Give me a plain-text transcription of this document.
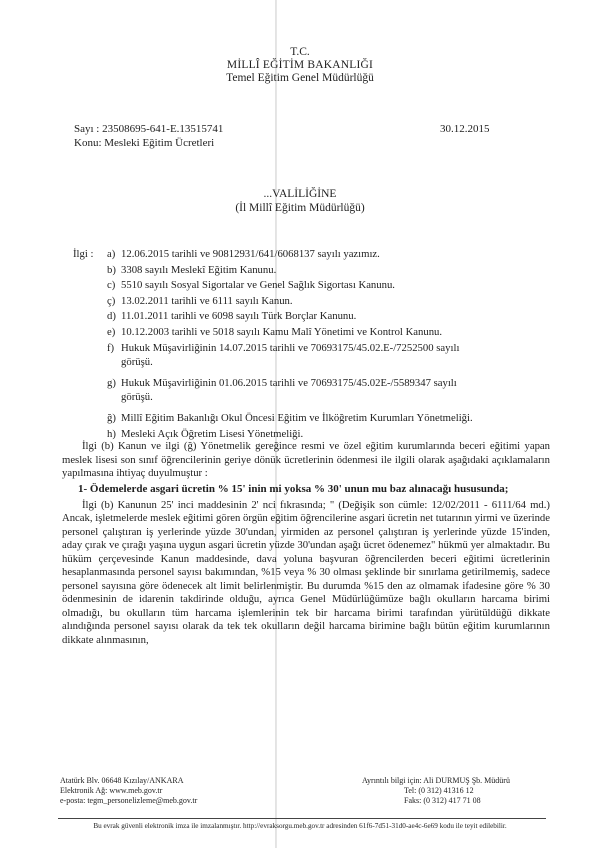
T.C.
MİLLÎ EĞİTİM BAKANLIĞI
Temel Eğitim Genel Müdürlüğü
Sayı : 23508695-641-E.13515741
Konu: Mesleki Eğitim Ücretleri
30.12.2015
...VALİLİĞİNE
(İl Millî Eğitim Müdürlüğü)
İlgi : a) 12.06.2015 tarihli ve 90812931/641/6068137 sayılı yazımız.
b) 3308 sayılı Meslekî Eğitim Kanunu.
c) 5510 sayılı Sosyal Sigortalar ve Genel Sağlık Sigortası Kanunu.
ç) 13.02.2011 tarihli ve 6111 sayılı Kanun.
d) 11.01.2011 tarihli ve 6098 sayılı Türk Borçlar Kanunu.
e) 10.12.2003 tarihli ve 5018 sayılı Kamu Malî Yönetimi ve Kontrol Kanunu.
f) Hukuk Müşavirliğinin 14.07.2015 tarihli ve 70693175/45.02.E-/7252500 sayılı
görüşü.
g) Hukuk Müşavirliğinin 01.06.2015 tarihli ve 70693175/45.02E-/5589347 sayılı
görüşü.
ğ) Millî Eğitim Bakanlığı Okul Öncesi Eğitim ve İlköğretim Kurumları Yönetmeliği.
h) Mesleki Açık Öğretim Lisesi Yönetmeliği.

İlgi (b) Kanun ve ilgi (ğ) Yönetmelik gereğince resmi ve özel eğitim kurumlarında beceri eğitimi yapan meslek lisesi son sınıf öğrencilerinin geriye dönük ücretlerinin ödenmesi ile ilgili olarak aşağıdaki açıklamaların yapılmasına ihtiyaç duyulmuştur :

1- Ödemelerde asgari ücretin % 15' inin mi yoksa % 30' unun mu baz alınacağı hususunda;

İlgi (b) Kanunun 25' inci maddesinin 2' nci fıkrasında; " (Değişik son cümle: 12/02/2011 - 6111/64 md.) Ancak, işletmelerde meslek eğitimi gören örgün eğitim öğrencilerine asgari ücretin net tutarının yirmi ve üzerinde personel çalıştıran iş yerlerinde yüzde 30'undan, yirmiden az personel çalıştıran iş yerlerinde yüzde 15'inden, aday çırak ve çırağı yaşına uygun asgari ücretin yüzde 30'undan aşağı ücret ödenemez" hükmü yer almaktadır. Bu hüküm çerçevesinde Kanun maddesinde, dava yoluna başvuran öğrencilerden beceri eğitimi ücretlerinin hesaplanmasında personel sayısı bakımından, %15 veya % 30 olması şeklinde bir sınırlama getirilmemiş, sadece personel sayısına göre ödenecek alt limit belirlenmiştir. Bu durumda %15 den az olmamak ifadesine göre % 30 ödenmesinin de idarenin takdirinde olduğu, ayrıca Genel Müdürlüğümüze bağlı okulların harcama birimi olmadığı, bu okulların tüm harcama işlemlerinin tek bir harcama birimi tarafından yürütüldüğü dikkate alındığında personel sayısı olarak da tek tek okulların değil harcama birimine bağlı bütün eğitim kurumlarının dikkate alınmasının,

Atatürk Blv. 06648 Kızılay/ANKARA
Elektronik Ağ: www.meb.gov.tr
e-posta: tegm_personelizleme@meb.gov.tr
Ayrıntılı bilgi için: Ali DURMUŞ Şb. Müdürü
Tel: (0 312) 41316 12
Faks: (0 312) 417 71 08
Bu evrak güvenli elektronik imza ile imzalanmıştır. http://evraksorgu.meb.gov.tr adresinden 61f6-7d51-31d0-ae4c-6e69 kodu ile teyit edilebilir.
